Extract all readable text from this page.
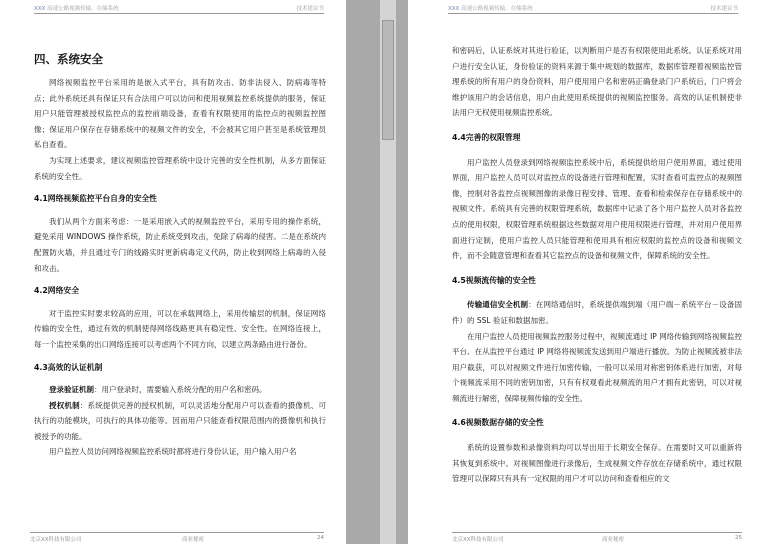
XXX 高速公路视频传输、存储系统	技术建议书
四、系统安全

网络视频监控平台采用的是嵌入式平台，具有防攻击、防非法侵入、防病毒等特点；此外系统还具有保证只有合法用户可以访问和使用视频监控系统提供的服务，保证用户只能管理被授权监控点的监控前端设备，查看有权限使用的监控点的视频监控图像；保证用户保存在存储系统中的视频文件的安全，不会被其它用户甚至是系统管理员私自查看。

为实现上述要求，建议视频监控管理系统中设计完善的安全性机制，从多方面保证系统的安全性。

4.1网络视频监控平台自身的安全性

我们从两个方面来考虑：一是采用嵌入式的视频监控平台，采用专用的操作系统，避免采用 WINDOWS 操作系统，防止系统受到攻击，免除了病毒的侵害。二是在系统内配置防火墙，并且通过专门的线路实时更新病毒定义代码，防止收到网络上病毒的入侵和攻击。

4.2网络安全

对于监控实时要求较高的应用，可以在承载网络上，采用传输层的机制，保证网络传输的安全性，通过有效的机制使得网络线路更具有稳定性、安全性。在网络连接上，每一个监控采集的出口网络连接可以考虑两个不同方向，以建立两条路由进行备份。

4.3高效的认证机制

登录验证机制：用户登录时，需要输入系统分配的用户名和密码。

授权机制：系统提供完善的授权机制，可以灵活地分配用户可以查看的摄像机、可执行的功能模块，可执行的具体功能等。因而用户只能查看权限范围内的摄像机和执行被授予的功能。

用户监控人员访问网络视频监控系统时都将进行身份认证，用户输入用户名

北京XX科技有限公司	商业秘密	24
XXX 高速公路视频传输、存储系统	技术建议书

和密码后，认证系统对其进行验证，以判断用户是否有权限使用此系统。认证系统对用户进行安全认证，身份验证的资料来源于集中规划的数据库，数据库管理着视频监控管理系统的所有用户的身份资料，用户使用用户名和密码正确登录门户系统后，门户将会维护该用户的会话信息，用户由此使用系统提供的视频监控服务。高效的认证机制使非法用户无权使用视频监控系统。

4.4完善的权限管理

用户监控人员登录到网络视频监控系统中后，系统提供给用户使用界面，通过使用界面，用户监控人员可以对监控点的设备进行管理和配置，实时查看可监控点的视频图像，控制对各监控点视频图像的录像日程安排、管理、查看和检索保存在存储系统中的视频文件。系统具有完善的权限管理系统，数据库中记录了各个用户监控人员对各监控点的使用权限，权限管理系统根据这些数据对用户使用权限进行管理，并对用户使用界面进行定制，使用户监控人员只能管理和使用具有相应权限的监控点的设备和视频文件，而不会随意管理和查看其它监控点的设备和视频文件，保障系统的安全性。

4.5视频流传输的安全性

传输通信安全机制：在网络通信时，系统提供端到端（用户端－系统平台－设备固件）的 SSL 验证和数据加密。

在用户监控人员使用视频监控服务过程中，视频流通过 IP 网络传输到网络视频监控平台、在从监控平台通过 IP 网络将视频流发送到用户端进行播放。为防止视频流被非法用户截获，可以对视频文件进行加密传输，一般可以采用对称密钥体系进行加密，对每个视频流采用不同的密钥加密，只有有权观看此视频流的用户才拥有此密钥，可以对视频流进行解密，保障视频传输的安全性。

4.6视频数据存储的安全性

系统的设置参数和录像资料均可以导出用于长期安全保存。在需要时又可以重新将其恢复到系统中。对视频图像进行录像后，生成视频文件存放在存储系统中，通过权限管理可以保障只有具有一定权限的用户才可以访问和查看相应的文

北京XX科技有限公司	商业秘密	25
